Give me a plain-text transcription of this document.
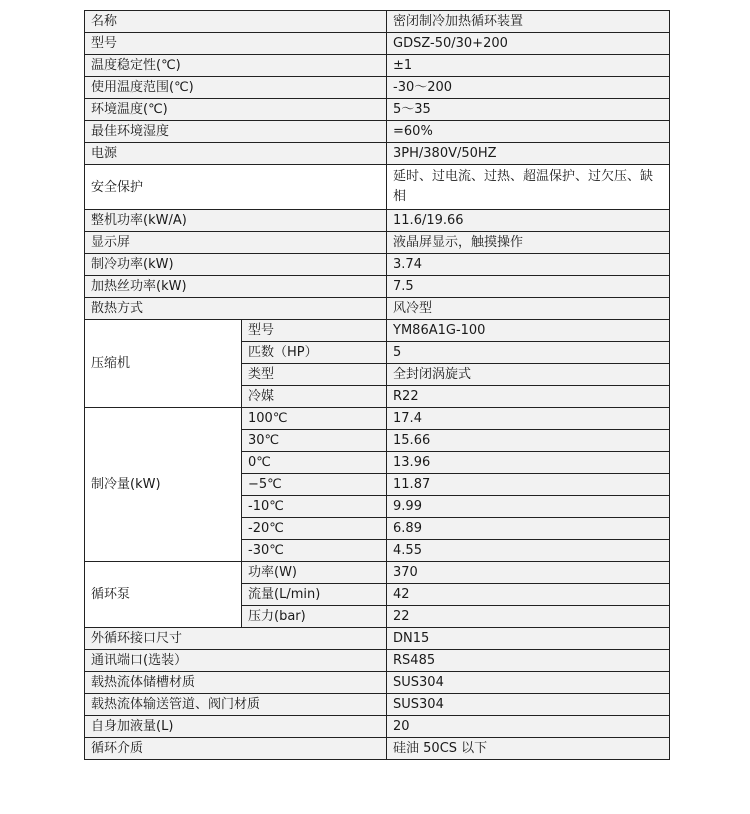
名称		密闭制冷加热循环装置
型号		GDSZ-50/30+200
温度稳定性(℃)		±1
使用温度范围(℃)		-30～200
环境温度(℃)		5～35
最佳环境湿度		=60%
电源		3PH/380V/50HZ
安全保护		延时、过电流、过热、超温保护、过欠压、缺相
整机功率(kW/A)		11.6/19.66
显示屏		液晶屏显示，触摸操作
制冷功率(kW)		3.74
加热丝功率(kW)		7.5
散热方式		风冷型
压缩机	型号	YM86A1G-100
	匹数（HP）	5
	类型	全封闭涡旋式
	冷媒	R22
制冷量(kW)	100℃	17.4
	30℃	15.66
	0℃	13.96
	−5℃	11.87
	-10℃	9.99
	-20℃	6.89
	-30℃	4.55
循环泵	功率(W)	370
	流量(L/min)	42
	压力(bar)	22
外循环接口尺寸		DN15
通讯端口(选装）		RS485
载热流体储槽材质		SUS304
载热流体输送管道、阀门材质		SUS304
自身加液量(L)		20
循环介质		硅油 50CS 以下
